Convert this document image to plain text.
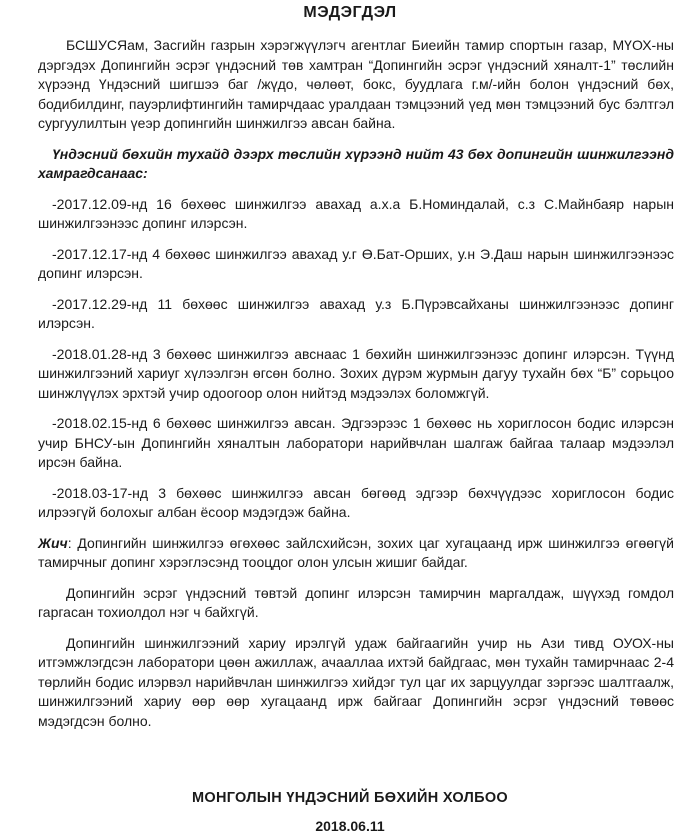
МЭДЭГДЭЛ

БСШУСЯам, Засгийн газрын хэрэгжүүлэгч агентлаг Биеийн тамир спортын газар, МҮОХ-ны дэргэдэх Допингийн эсрэг үндэсний төв хамтран “Допингийн эсрэг үндэсний хяналт-1” төслийн хүрээнд Үндэсний шигшээ баг /жүдо, чөлөөт, бокс, буудлага г.м/-ийн болон үндэсний бөх, бодибилдинг, пауэрлифтингийн тамирчдаас уралдаан тэмцээний үед мөн тэмцээний бус бэлтгэл сургуулилтын үеэр допингийн шинжилгээ авсан байна.

Үндэсний бөхийн тухайд дээрх төслийн хүрээнд нийт 43 бөх допингийн шинжилгээнд хамрагдсанаас:

-2017.12.09-нд 16 бөхөөс шинжилгээ авахад а.х.а Б.Номиндалай, с.з С.Майнбаяр нарын шинжилгээнээс допинг илэрсэн.

-2017.12.17-нд 4 бөхөөс шинжилгээ авахад у.г Ө.Бат-Орших, у.н Э.Даш нарын шинжилгээнээс допинг илэрсэн.

-2017.12.29-нд 11 бөхөөс шинжилгээ авахад у.з Б.Пүрэвсайханы шинжилгээнээс допинг илэрсэн.

-2018.01.28-нд 3 бөхөөс шинжилгээ авснаас 1 бөхийн шинжилгээнээс допинг илэрсэн. Түүнд шинжилгээний хариуг хүлээлгэн өгсөн болно. Зохих дүрэм журмын дагуу тухайн бөх “Б” сорьцоо шинжлүүлэх эрхтэй учир одоогоор олон нийтэд мэдээлэх боломжгүй.

-2018.02.15-нд 6 бөхөөс шинжилгээ авсан. Эдгээрээс 1 бөхөөс нь хориглосон бодис илэрсэн учир БНСУ-ын Допингийн хяналтын лаборатори нарийвчлан шалгаж байгаа талаар мэдээлэл ирсэн байна.

-2018.03-17-нд 3 бөхөөс шинжилгээ авсан бөгөөд эдгээр бөхчүүдээс хориглосон бодис илрээгүй болохыг албан ёсоор мэдэгдэж байна.

Жич: Допингийн шинжилгээ өгөхөөс зайлсхийсэн, зохих цаг хугацаанд ирж шинжилгээ өгөөгүй тамирчныг допинг хэрэглэсэнд тооцдог олон улсын жишиг байдаг.

Допингийн эсрэг үндэсний төвтэй допинг илэрсэн тамирчин маргалдаж, шүүхэд гомдол гаргасан тохиолдол нэг ч байхгүй.

Допингийн шинжилгээний хариу ирэлгүй удаж байгаагийн учир нь Ази тивд ОУОХ-ны итгэмжлэгдсэн лаборатори цөөн ажиллаж, ачааллаа ихтэй байдгаас, мөн тухайн тамирчнаас 2-4 төрлийн бодис илэрвэл нарийвчлан шинжилгээ хийдэг тул цаг их зарцуулдаг зэргээс шалтгаалж, шинжилгээний хариу өөр өөр хугацаанд ирж байгааг Допингийн эсрэг үндэсний төвөөс мэдэгдсэн болно.

МОНГОЛЫН ҮНДЭСНИЙ БӨХИЙН ХОЛБОО
2018.06.11
